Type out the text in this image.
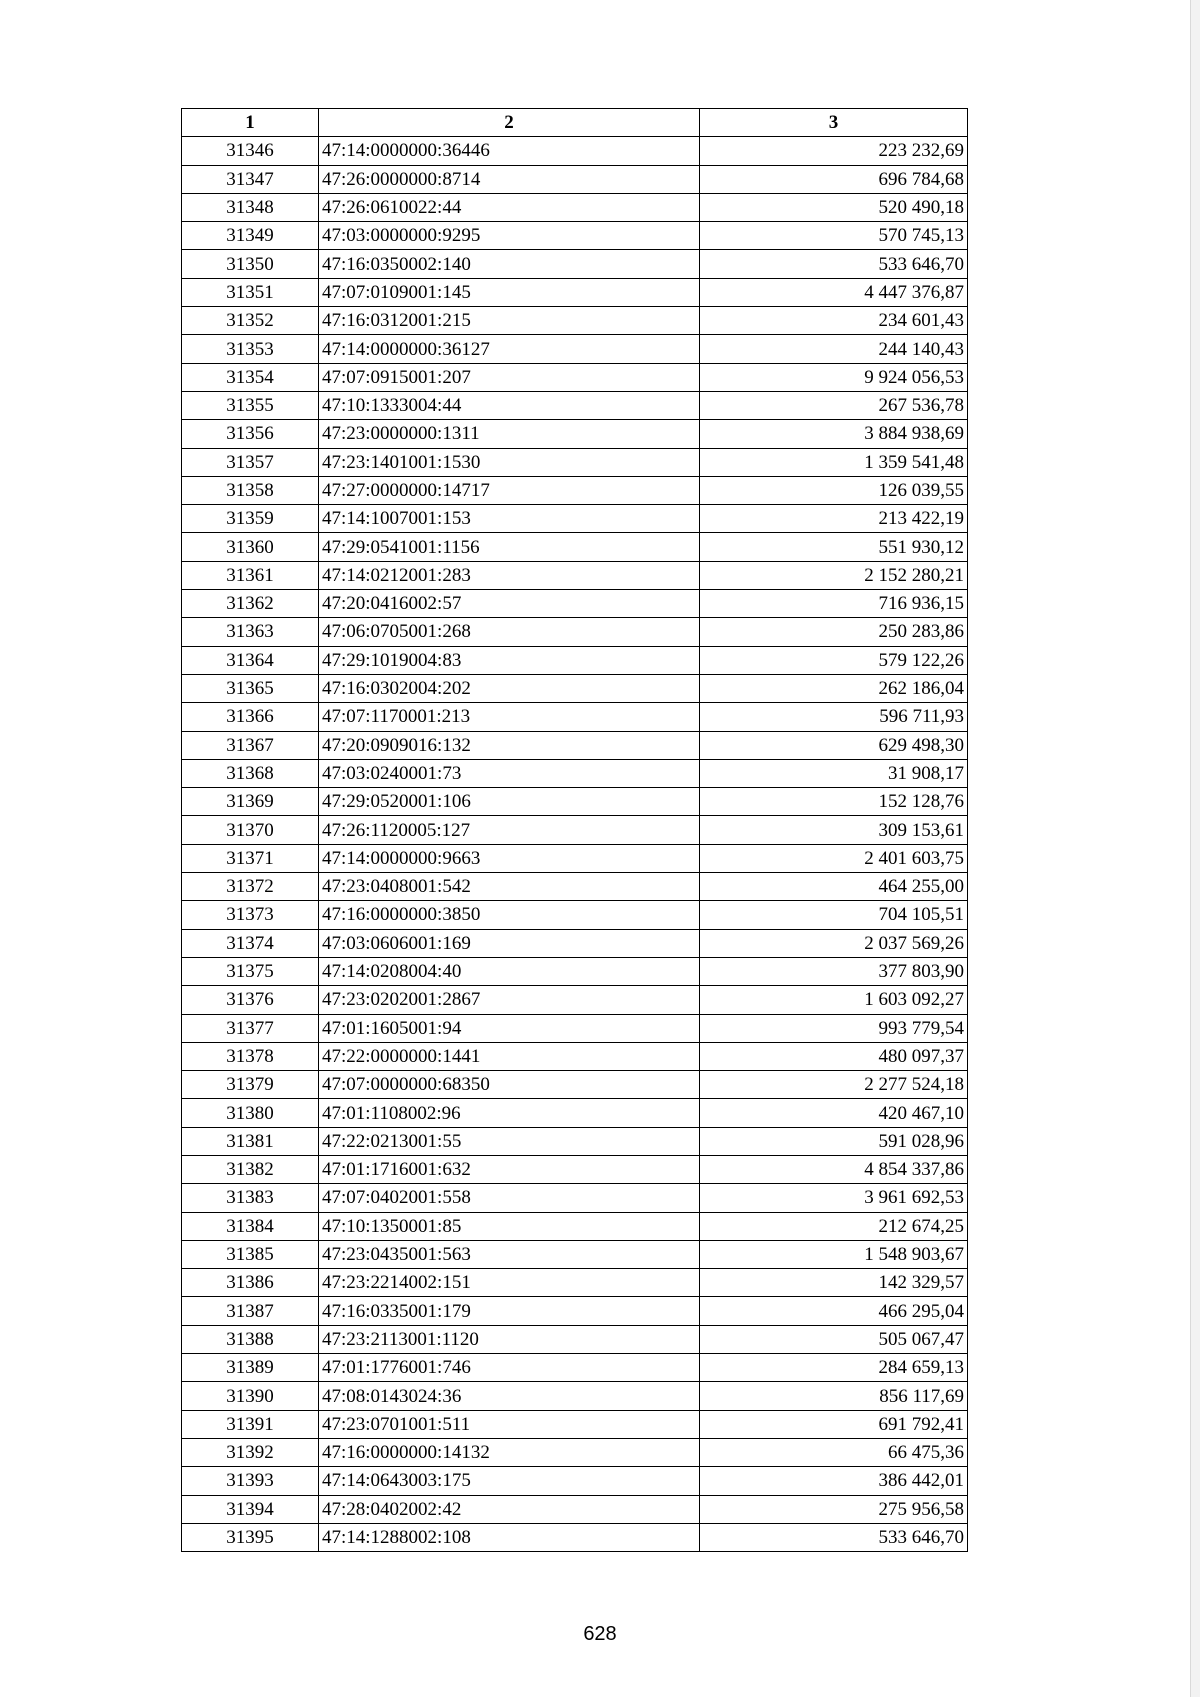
1	2	3
31346	47:14:0000000:36446	223 232,69
31347	47:26:0000000:8714	696 784,68
31348	47:26:0610022:44	520 490,18
31349	47:03:0000000:9295	570 745,13
31350	47:16:0350002:140	533 646,70
31351	47:07:0109001:145	4 447 376,87
31352	47:16:0312001:215	234 601,43
31353	47:14:0000000:36127	244 140,43
31354	47:07:0915001:207	9 924 056,53
31355	47:10:1333004:44	267 536,78
31356	47:23:0000000:1311	3 884 938,69
31357	47:23:1401001:1530	1 359 541,48
31358	47:27:0000000:14717	126 039,55
31359	47:14:1007001:153	213 422,19
31360	47:29:0541001:1156	551 930,12
31361	47:14:0212001:283	2 152 280,21
31362	47:20:0416002:57	716 936,15
31363	47:06:0705001:268	250 283,86
31364	47:29:1019004:83	579 122,26
31365	47:16:0302004:202	262 186,04
31366	47:07:1170001:213	596 711,93
31367	47:20:0909016:132	629 498,30
31368	47:03:0240001:73	31 908,17
31369	47:29:0520001:106	152 128,76
31370	47:26:1120005:127	309 153,61
31371	47:14:0000000:9663	2 401 603,75
31372	47:23:0408001:542	464 255,00
31373	47:16:0000000:3850	704 105,51
31374	47:03:0606001:169	2 037 569,26
31375	47:14:0208004:40	377 803,90
31376	47:23:0202001:2867	1 603 092,27
31377	47:01:1605001:94	993 779,54
31378	47:22:0000000:1441	480 097,37
31379	47:07:0000000:68350	2 277 524,18
31380	47:01:1108002:96	420 467,10
31381	47:22:0213001:55	591 028,96
31382	47:01:1716001:632	4 854 337,86
31383	47:07:0402001:558	3 961 692,53
31384	47:10:1350001:85	212 674,25
31385	47:23:0435001:563	1 548 903,67
31386	47:23:2214002:151	142 329,57
31387	47:16:0335001:179	466 295,04
31388	47:23:2113001:1120	505 067,47
31389	47:01:1776001:746	284 659,13
31390	47:08:0143024:36	856 117,69
31391	47:23:0701001:511	691 792,41
31392	47:16:0000000:14132	66 475,36
31393	47:14:0643003:175	386 442,01
31394	47:28:0402002:42	275 956,58
31395	47:14:1288002:108	533 646,70
628
